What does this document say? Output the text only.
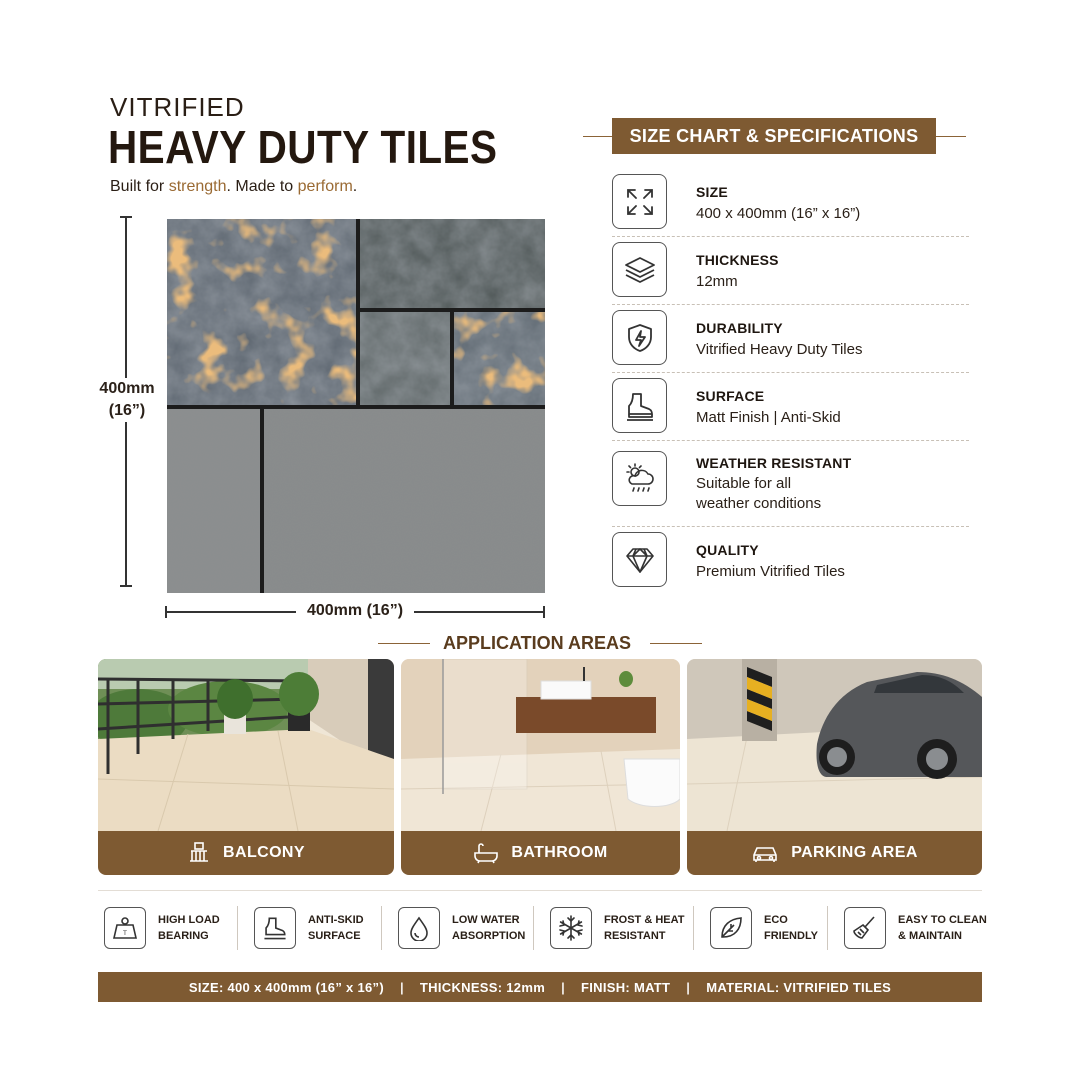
VITRIFIED
HEAVY DUTY TILES
Built for strength. Made to perform.
400mm
(16”)
400mm (16”)
SIZE CHART & SPECIFICATIONS
SIZE
400 x 400mm (16” x 16”)
THICKNESS
12mm
DURABILITY
Vitrified Heavy Duty Tiles
SURFACE
Matt Finish | Anti-Skid
WEATHER RESISTANT
Suitable for all
weather conditions
QUALITY
Premium Vitrified Tiles
APPLICATION AREAS
BALCONY	BATHROOM	PARKING AREA
T
HIGH LOAD
BEARING
ANTI-SKID
SURFACE
LOW WATER
ABSORPTION
FROST & HEAT
RESISTANT
ECO
FRIENDLY
EASY TO CLEAN
& MAINTAIN
SIZE: 400 x 400mm (16” x 16”) | THICKNESS: 12mm | FINISH: MATT | MATERIAL: VITRIFIED TILES
